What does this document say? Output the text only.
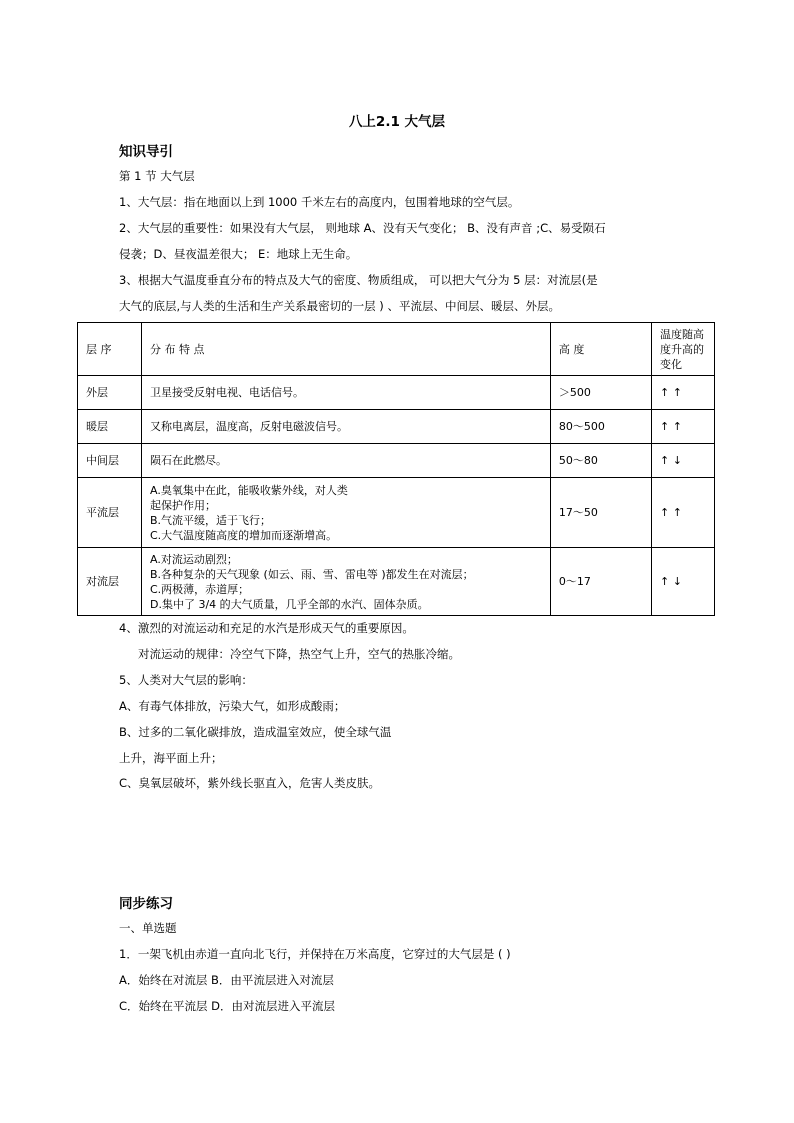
八上2.1 大气层
知识导引
第 1 节 大气层
1、大气层：指在地面以上到 1000 千米左右的高度内，包围着地球的空气层。
2、大气层的重要性：如果没有大气层， 则地球 A、没有天气变化； B、没有声音 ;C、易受陨石
侵袭；D、昼夜温差很大； E：地球上无生命。
3、根据大气温度垂直分布的特点及大气的密度、物质组成， 可以把大气分为 5 层：对流层(是
大气的底层,与人类的生活和生产关系最密切的一层 ) 、平流层、中间层、暖层、外层。
层 序	分 布 特 点	高 度	温度随高
度升高的
变化

外层	卫星接受反射电视、电话信号。	＞500	↑ ↑
暖层	又称电离层，温度高，反射电磁波信号。	80～500	↑ ↑
中间层	陨石在此燃尽。	50～80	↑ ↓
平流层	A.臭氧集中在此，能吸收紫外线，对人类
起保护作用；
B.气流平缓，适于飞行；
C.大气温度随高度的增加而逐渐增高。	17～50	↑ ↑
对流层	A.对流运动剧烈；
B.各种复杂的天气现象 (如云、雨、雪、雷电等 )都发生在对流层；
C.两极薄，赤道厚；
D.集中了 3/4 的大气质量，几乎全部的水汽、固体杂质。	0～17	↑ ↓
4、激烈的对流运动和充足的水汽是形成天气的重要原因。
对流运动的规律：冷空气下降，热空气上升，空气的热胀冷缩。
5、人类对大气层的影响：
A、有毒气体排放，污染大气，如形成酸雨；
B、过多的二氧化碳排放，造成温室效应，使全球气温
上升，海平面上升；
C、臭氧层破坏，紫外线长驱直入，危害人类皮肤。
同步练习
一、单选题
1．一架飞机由赤道一直向北飞行，并保持在万米高度，它穿过的大气层是 ( )
A．始终在对流层 B．由平流层进入对流层
C．始终在平流层 D．由对流层进入平流层
